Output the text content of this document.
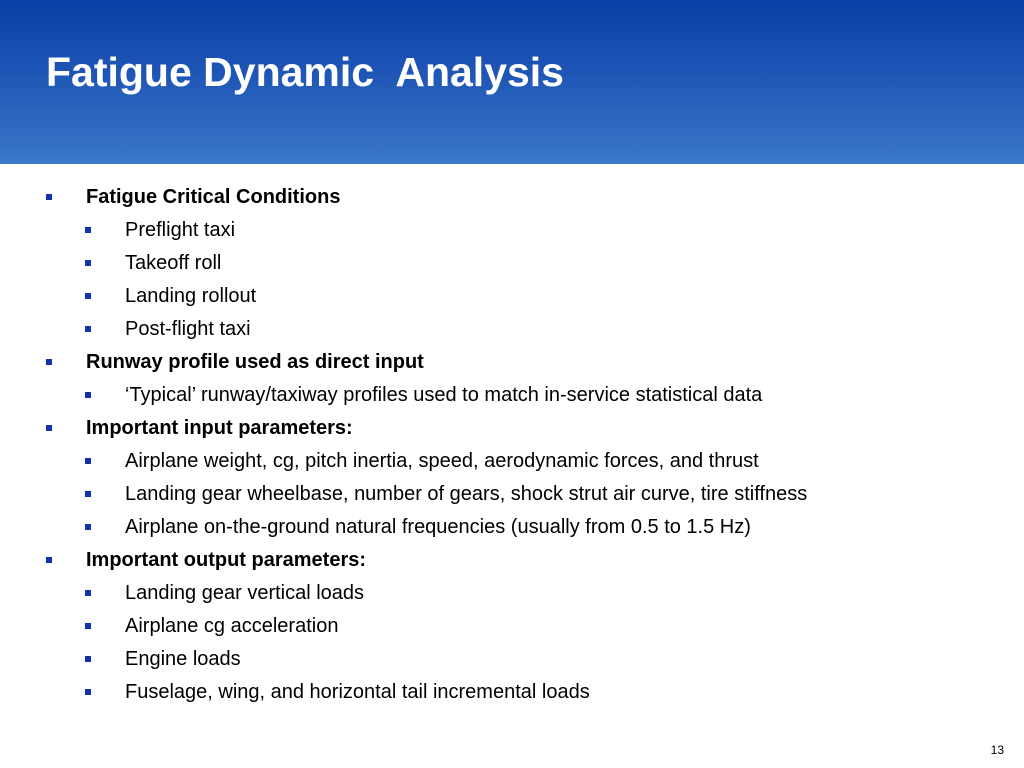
Fatigue Dynamic  Analysis
Fatigue Critical Conditions
Preflight taxi
Takeoff roll
Landing rollout
Post-flight taxi
Runway profile used as direct input
‘Typical’ runway/taxiway profiles used to match in-service statistical data
Important input parameters:
Airplane weight, cg, pitch inertia, speed, aerodynamic forces, and thrust
Landing gear wheelbase, number of gears, shock strut air curve, tire stiffness
Airplane on-the-ground natural frequencies (usually from 0.5 to 1.5 Hz)
Important output parameters:
Landing gear vertical loads
Airplane cg acceleration
Engine loads
Fuselage, wing, and horizontal tail incremental loads
13
